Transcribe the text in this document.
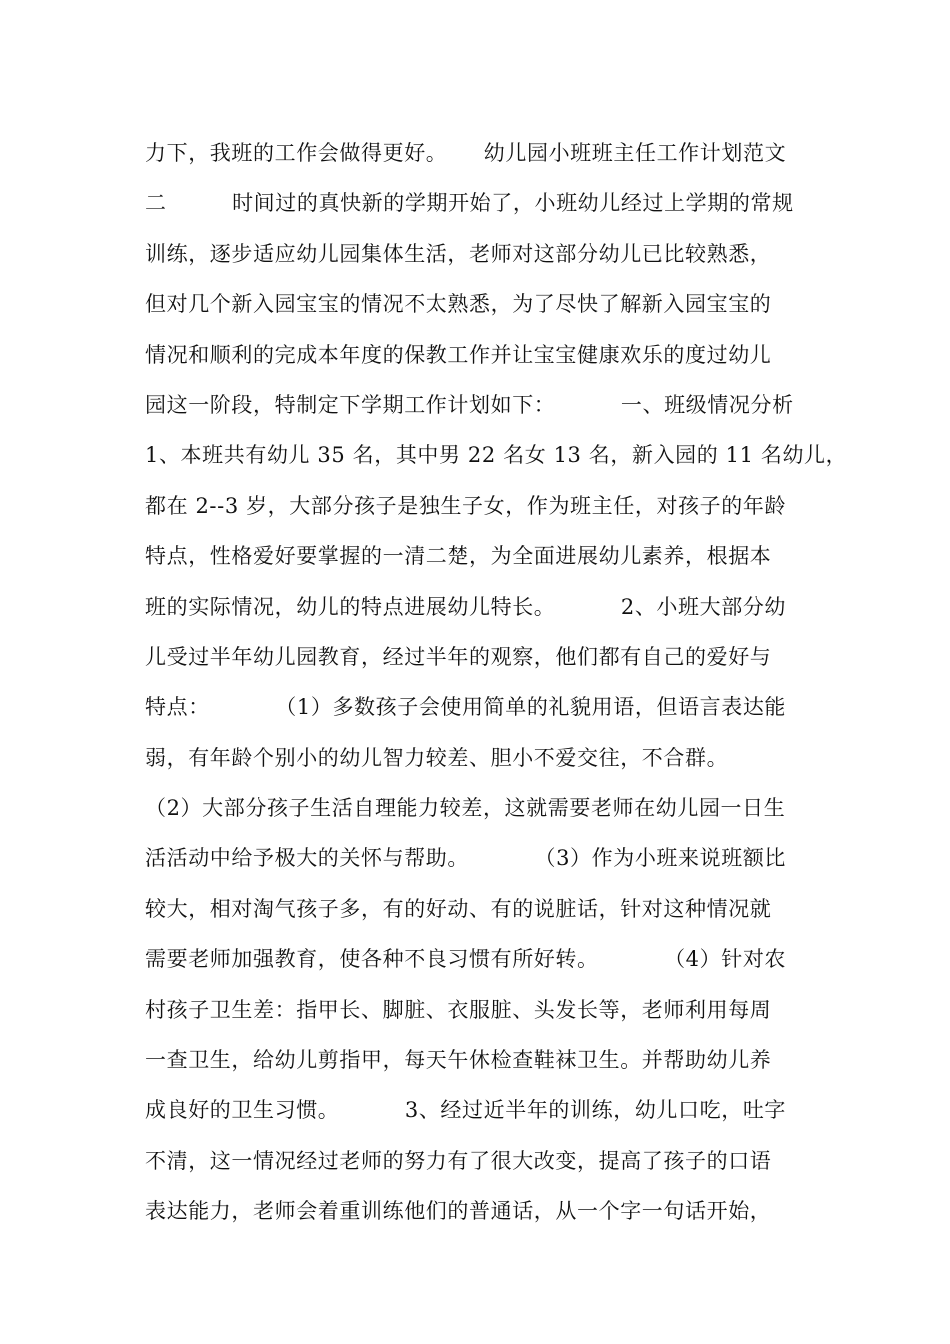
力下，我班的工作会做得更好。     幼儿园小班班主任工作计划范文
二         时间过的真快新的学期开始了，小班幼儿经过上学期的常规
训练，逐步适应幼儿园集体生活，老师对这部分幼儿已比较熟悉，
但对几个新入园宝宝的情况不太熟悉，为了尽快了解新入园宝宝的
情况和顺利的完成本年度的保教工作并让宝宝健康欢乐的度过幼儿
园这一阶段，特制定下学期工作计划如下：         一、班级情况分析
1、本班共有幼儿 35 名，其中男 22 名女 13 名，新入园的 11 名幼儿，
都在 2--3 岁，大部分孩子是独生子女，作为班主任，对孩子的年龄
特点，性格爱好要掌握的一清二楚，为全面进展幼儿素养，根据本
班的实际情况，幼儿的特点进展幼儿特长。         2、小班大部分幼
儿受过半年幼儿园教育，经过半年的观察，他们都有自己的爱好与
特点：         （1）多数孩子会使用简单的礼貌用语，但语言表达能
弱，有年龄个别小的幼儿智力较差、胆小不爱交往，不合群。
（2）大部分孩子生活自理能力较差，这就需要老师在幼儿园一日生
活活动中给予极大的关怀与帮助。         （3）作为小班来说班额比
较大，相对淘气孩子多，有的好动、有的说脏话，针对这种情况就
需要老师加强教育，使各种不良习惯有所好转。         （4）针对农
村孩子卫生差：指甲长、脚脏、衣服脏、头发长等，老师利用每周
一查卫生，给幼儿剪指甲，每天午休检查鞋袜卫生。并帮助幼儿养
成良好的卫生习惯。         3、经过近半年的训练，幼儿口吃，吐字
不清，这一情况经过老师的努力有了很大改变，提高了孩子的口语
表达能力，老师会着重训练他们的普通话，从一个字一句话开始，
